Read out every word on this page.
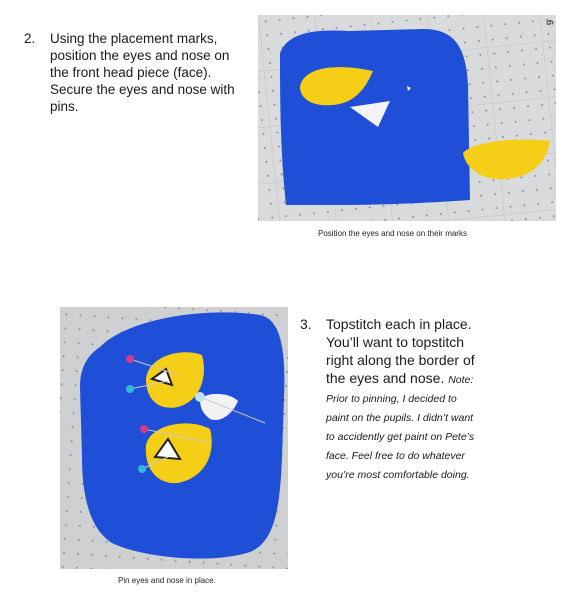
2. Using the placement marks, position the eyes and nose on the front head piece (face). Secure the eyes and nose with pins.
6
Position the eyes and nose on their marks
Pin eyes and nose in place.
3. Topstitch each in place. You’ll want to topstitch right along the border of the eyes and nose. Note: Prior to pinning, I decided to paint on the pupils. I didn’t want to accidently get paint on Pete’s face. Feel free to do whatever you’re most comfortable doing.
